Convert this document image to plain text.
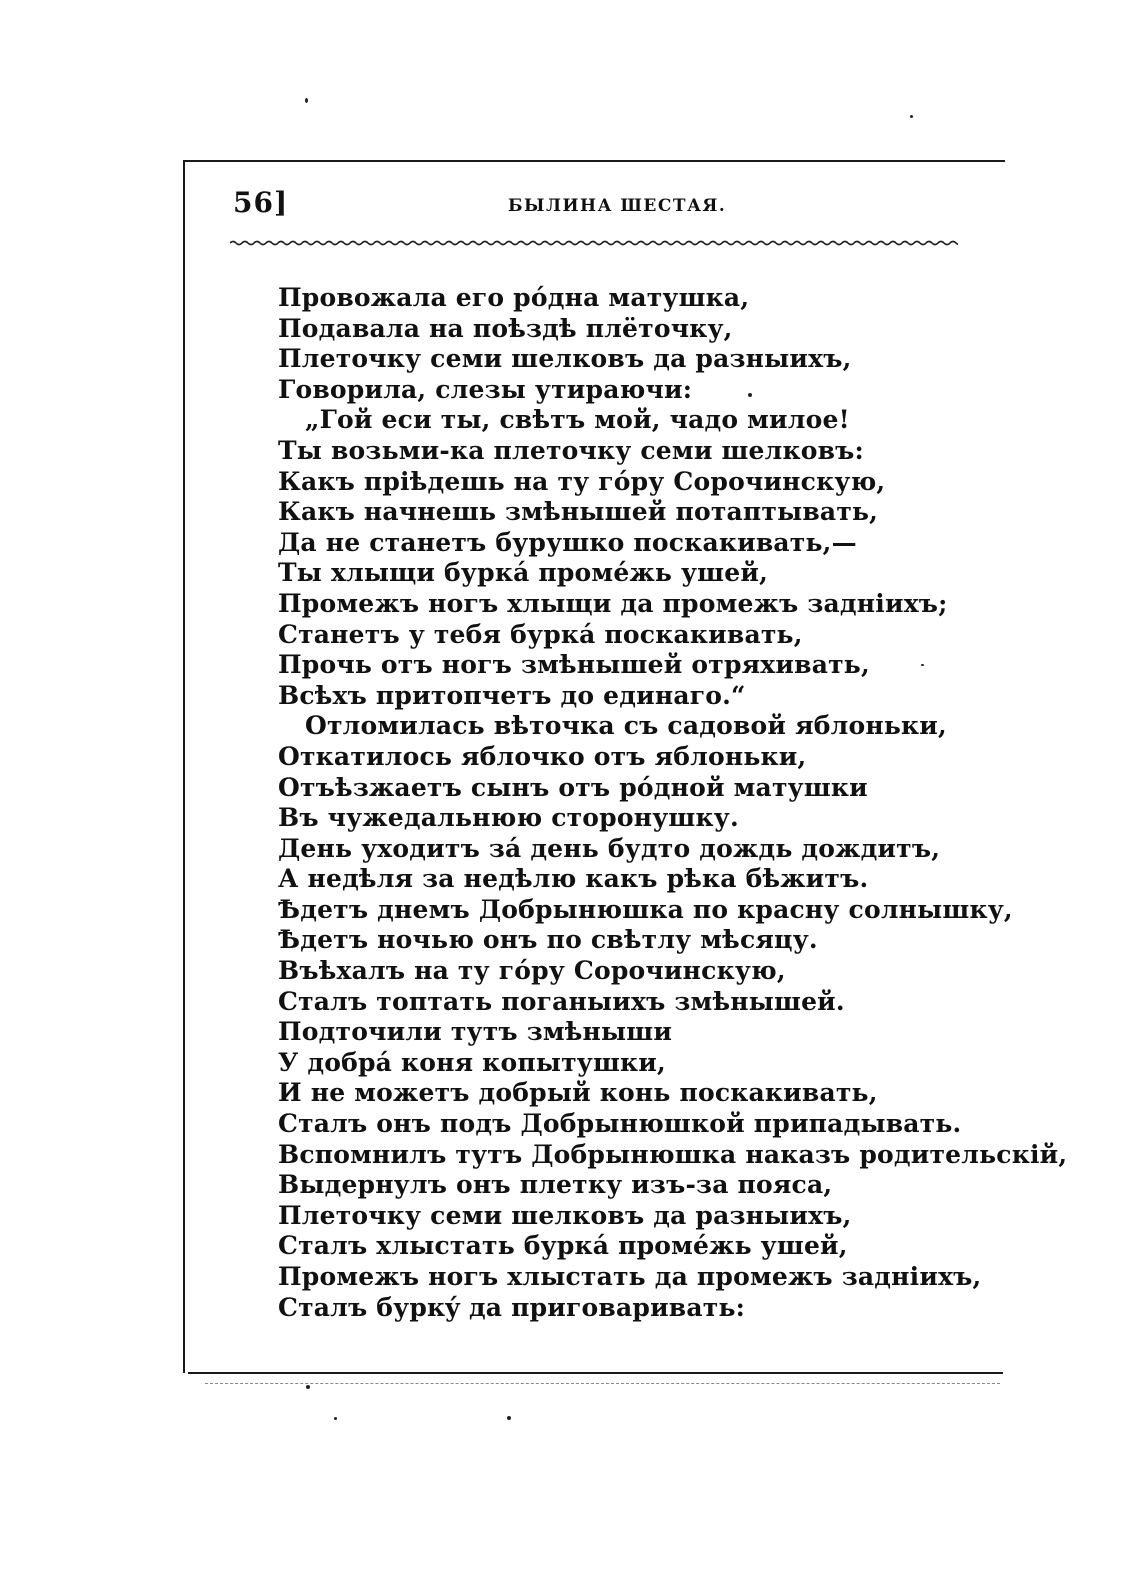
56]	БЫЛИНА ШЕСТАЯ.
Провожала его рóдна матушка,
Подавала на поѣздѣ плёточку,
Плеточку семи шелковъ да разныихъ,
Говорила, слезы утираючи:
„Гой еси ты, свѣтъ мой, чадо милое!
Ты возьми-ка плеточку семи шелковъ:
Какъ прiѣдешь на ту гóру Сорочинскую,
Какъ начнешь змѣнышей потаптывать,
Да не станетъ бурушко поскакивать,—
Ты хлыщи буркá проме́жь ушей,
Промежъ ногъ хлыщи да промежъ заднiихъ;
Станетъ у тебя буркá поскакивать,
Прочь отъ ногъ змѣнышей отряхивать,
Всѣхъ притопчетъ до единаго.“
Отломилась вѣточка съ садовой яблоньки,
Откатилось яблочко отъ яблоньки,
Отъѣзжаетъ сынъ отъ рóдной матушки
Въ чужедальнюю сторонушку.
День уходитъ зá день будто дождь дождитъ,
А недѣля за недѣлю какъ рѣка бѣжитъ.
Ѣдетъ днемъ Добрынюшка по красну солнышку,
Ѣдетъ ночью онъ по свѣтлу мѣсяцу.
Въѣхалъ на ту гóру Сорочинскую,
Сталъ топтать поганыихъ змѣнышей.
Подточили тутъ змѣныши
У добрá коня копытушки,
И не можетъ добрый конь поскакивать,
Сталъ онъ подъ Добрынюшкой припадывать.
Вспомнилъ тутъ Добрынюшка наказъ родительскiй,
Выдернулъ онъ плетку изъ-за пояса,
Плеточку семи шелковъ да разныихъ,
Сталъ хлыстать буркá проме́жь ушей,
Промежъ ногъ хлыстать да промежъ заднiихъ,
Сталъ буркý да приговаривать:
